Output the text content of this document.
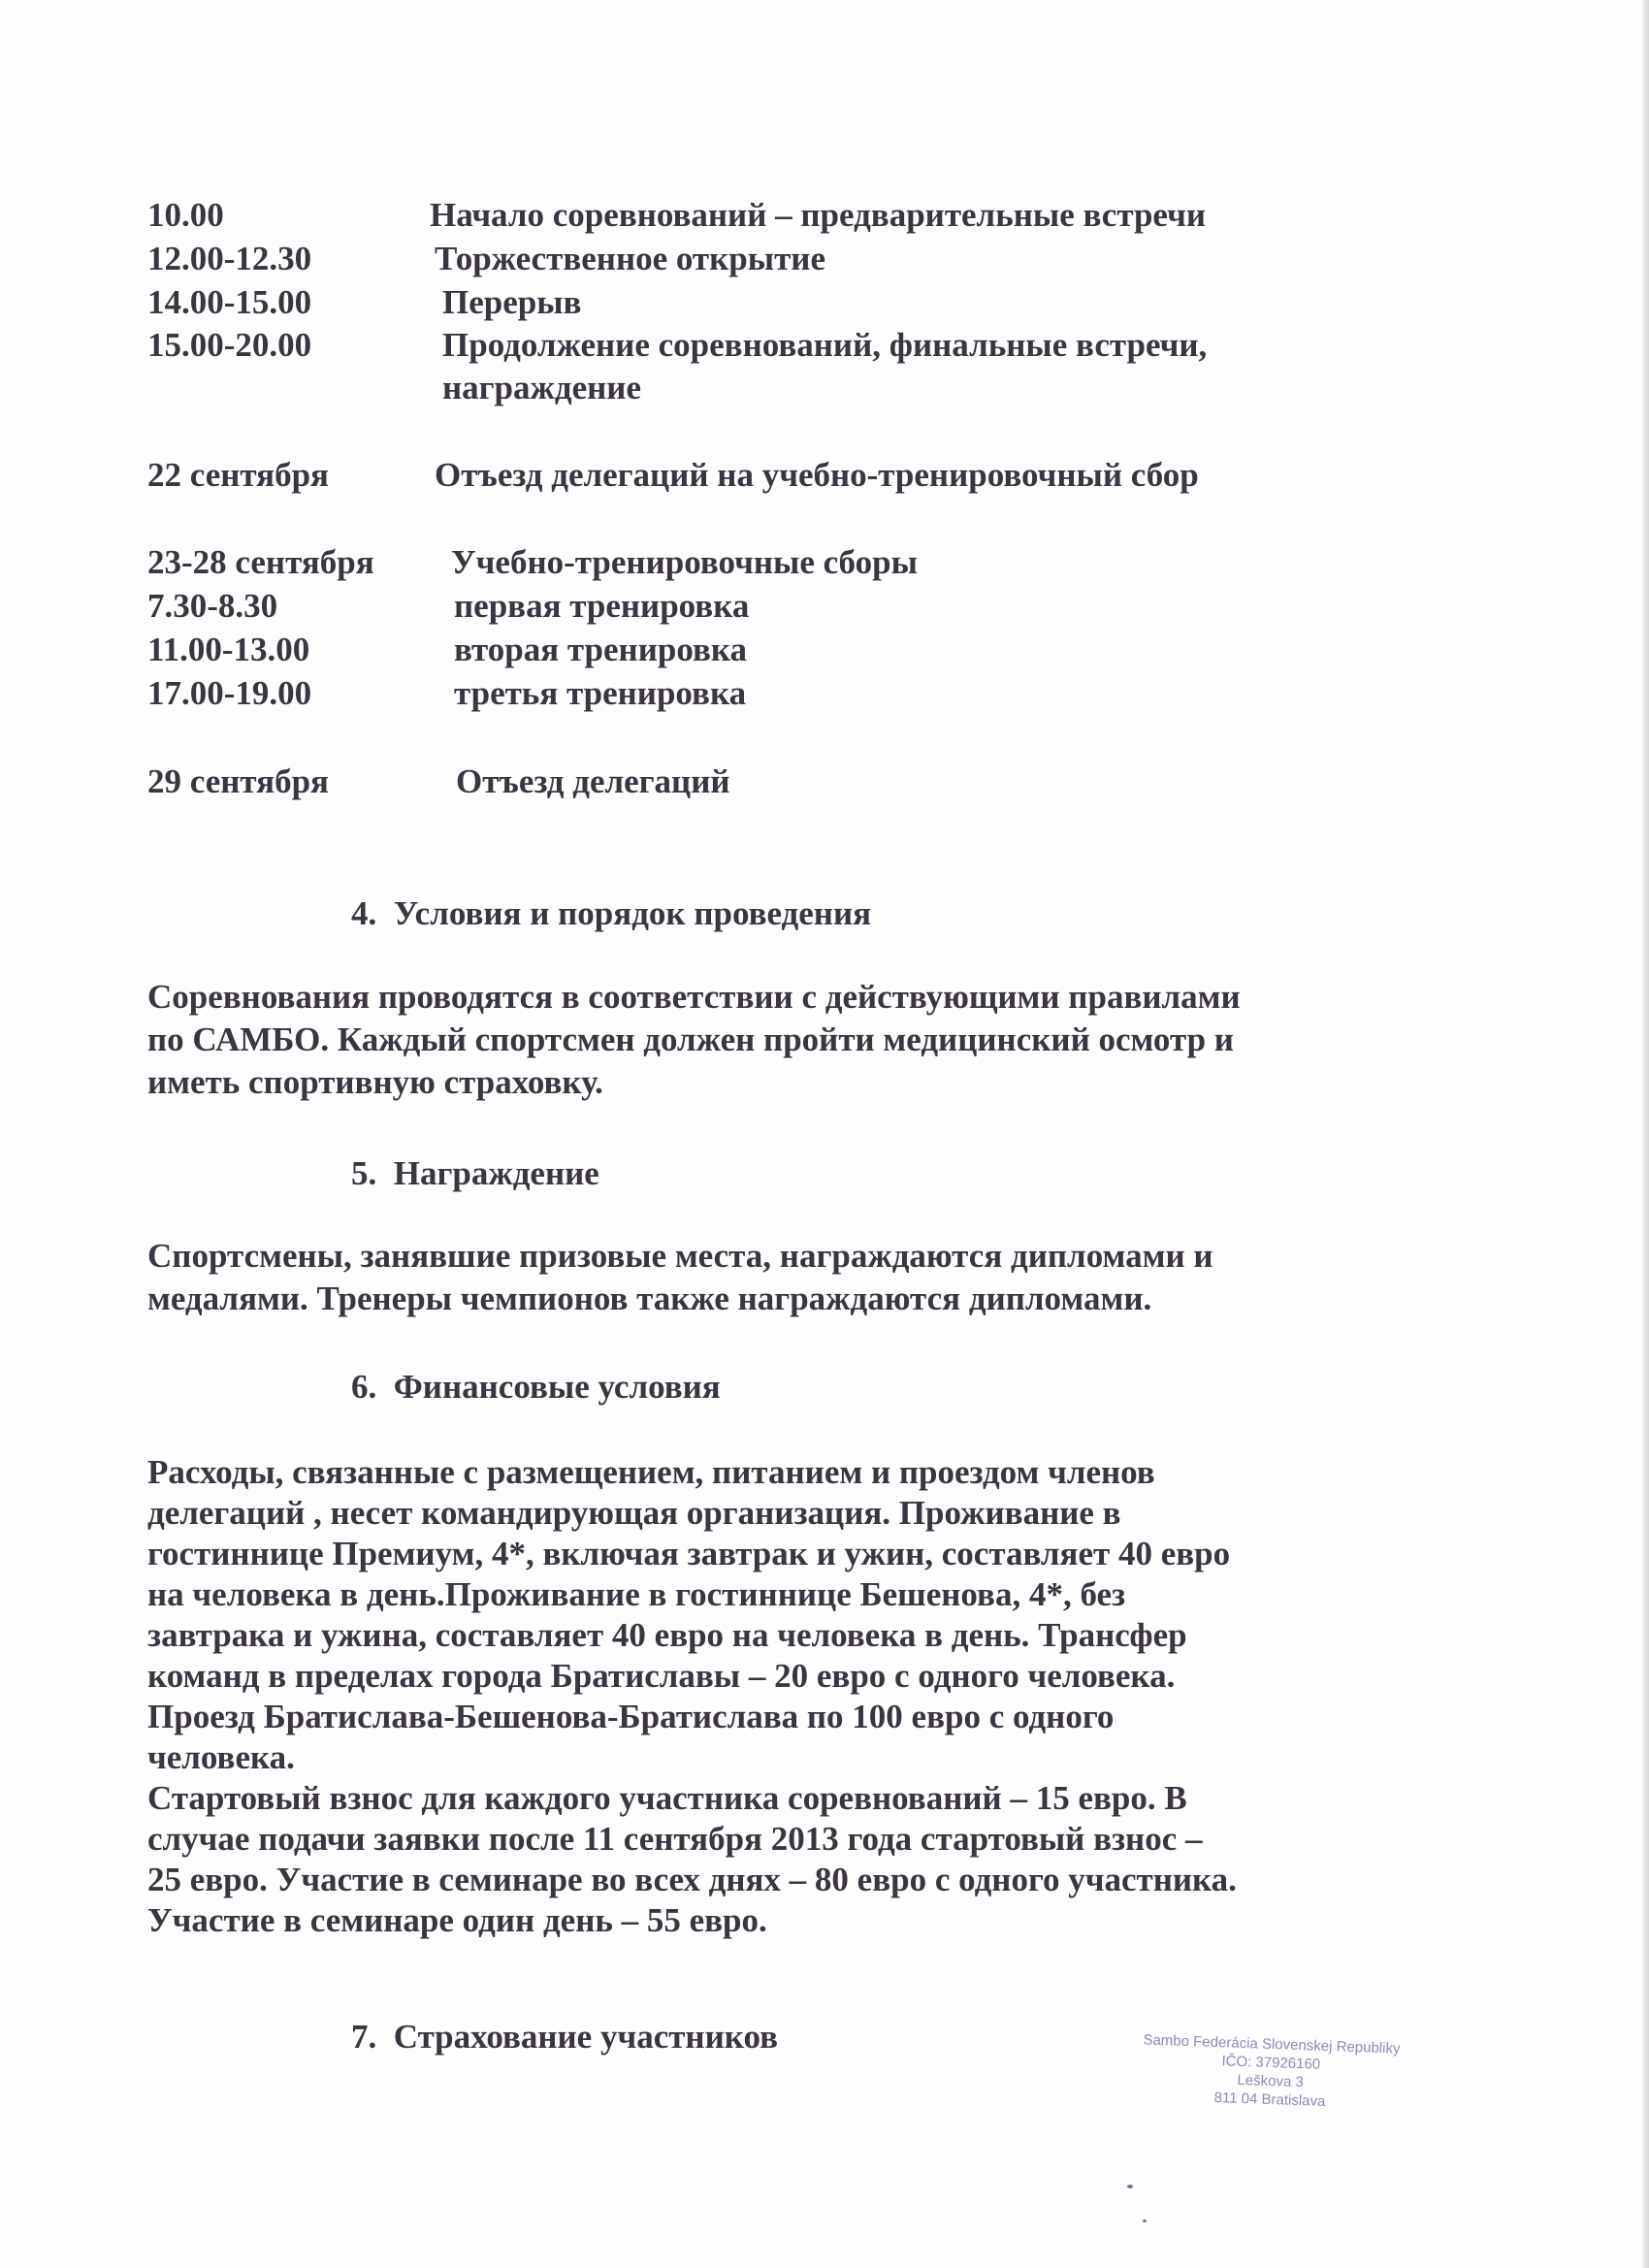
10.00	Начало соревнований – предварительные встречи
12.00-12.30	Торжественное открытие
14.00-15.00	Перерыв
15.00-20.00	Продолжение соревнований, финальные встречи,
награждение
22 сентября	Отъезд делегаций на учебно-тренировочный сбор
23-28 сентября Учебно-тренировочные сборы
7.30-8.30	первая тренировка
11.00-13.00	вторая тренировка
17.00-19.00	третья тренировка
29 сентября	Отъезд делегаций
4. Условия и порядок проведения
Соревнования проводятся в соответствии с действующими правилами
по САМБО. Каждый спортсмен должен пройти медицинский осмотр и
иметь спортивную страховку.
5. Награждение
Спортсмены, занявшие призовые места, награждаются дипломами и
медалями. Тренеры чемпионов также награждаются дипломами.
6. Финансовые условия
Расходы, связанные с размещением, питанием и проездом членов
делегаций , несет командирующая организация. Проживание в
гостиннице Премиум, 4*, включая завтрак и ужин, составляет 40 евро
на человека в день.Проживание в гостиннице Бешенова, 4*, без
завтрака и ужина, составляет 40 евро на человека в день. Трансфер
команд в пределах города Братиславы – 20 евро с одного человека.
Проезд Братислава-Бешенова-Братислава по 100 евро с одного
человека.
Стартовый взнос для каждого участника соревнований – 15 евро. В
случае подачи заявки после 11 сентября 2013 года стартовый взнос –
25 евро. Участие в семинаре во всех днях – 80 евро с одного участника.
Участие в семинаре один день – 55 евро.
7. Страхование участников	Sambo Federácia Slovenskej Republiky
IČO: 37926160
Leškova 3
811 04 Bratislava
